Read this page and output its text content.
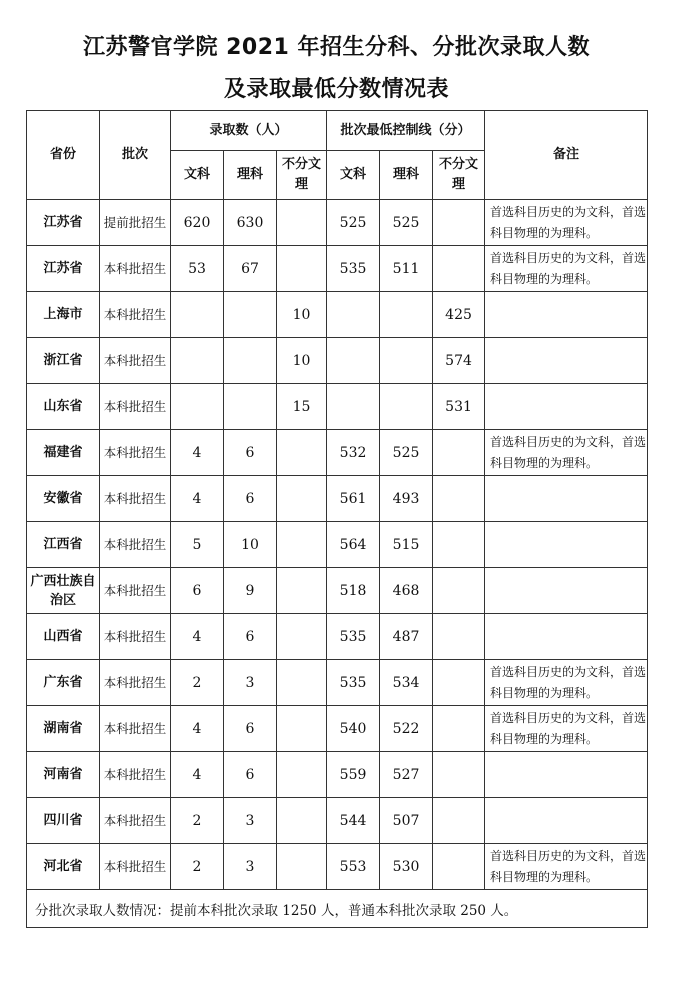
江苏警官学院 2021 年招生分科、分批次录取人数
及录取最低分数情况表
省份	批次	录取数（人）			批次最低控制线（分）			备注
		文科	理科	不分文理	文科	理科	不分文理	
江苏省	提前批招生	620	630		525	525		首选科目历史的为文科，首选科目物理的为理科。
江苏省	本科批招生	53	67		535	511		首选科目历史的为文科，首选科目物理的为理科。
上海市	本科批招生			10			425	
浙江省	本科批招生			10			574	
山东省	本科批招生			15			531	
福建省	本科批招生	4	6		532	525		首选科目历史的为文科，首选科目物理的为理科。
安徽省	本科批招生	4	6		561	493		
江西省	本科批招生	5	10		564	515		
广西壮族自治区	本科批招生	6	9		518	468		
山西省	本科批招生	4	6		535	487		
广东省	本科批招生	2	3		535	534		首选科目历史的为文科，首选科目物理的为理科。
湖南省	本科批招生	4	6		540	522		首选科目历史的为文科，首选科目物理的为理科。
河南省	本科批招生	4	6		559	527		
四川省	本科批招生	2	3		544	507		
河北省	本科批招生	2	3		553	530		首选科目历史的为文科，首选科目物理的为理科。
分批次录取人数情况：提前本科批次录取 1250 人，普通本科批次录取 250 人。								
